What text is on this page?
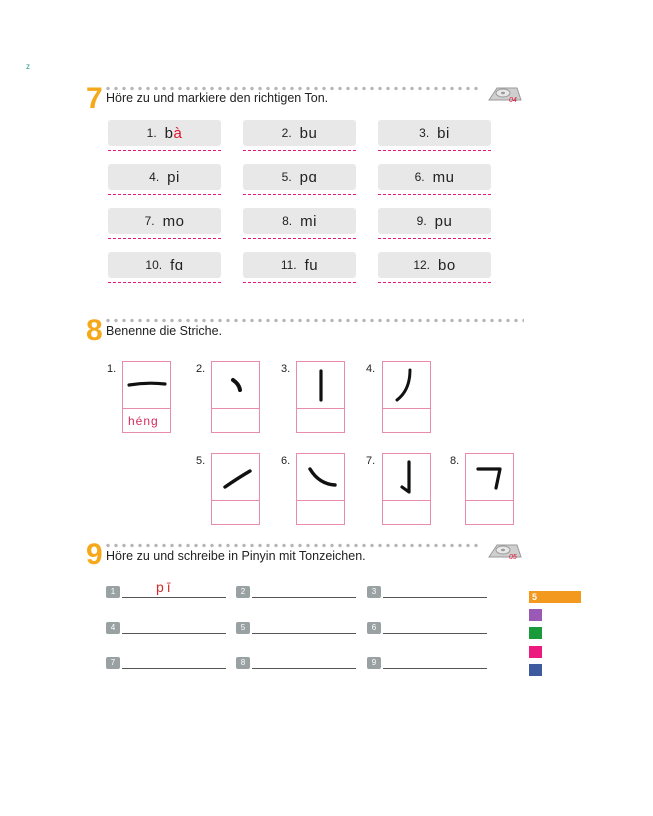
z
7 Höre zu und markiere den richtigen Ton.	04
1. bà	2. bu	3. bi
4. pi	5. pɑ	6. mu
7. mo	8. mi	9. pu
10. fɑ	11. fu	12. bo
8 Benenne die Striche.
1.
héng
2.	3.	4.
5.	6.	7.	8.
9 Höre zu und schreibe in Pinyin mit Tonzeichen.	05
1	pī	2	3
4	5	6
7	8	9
5
